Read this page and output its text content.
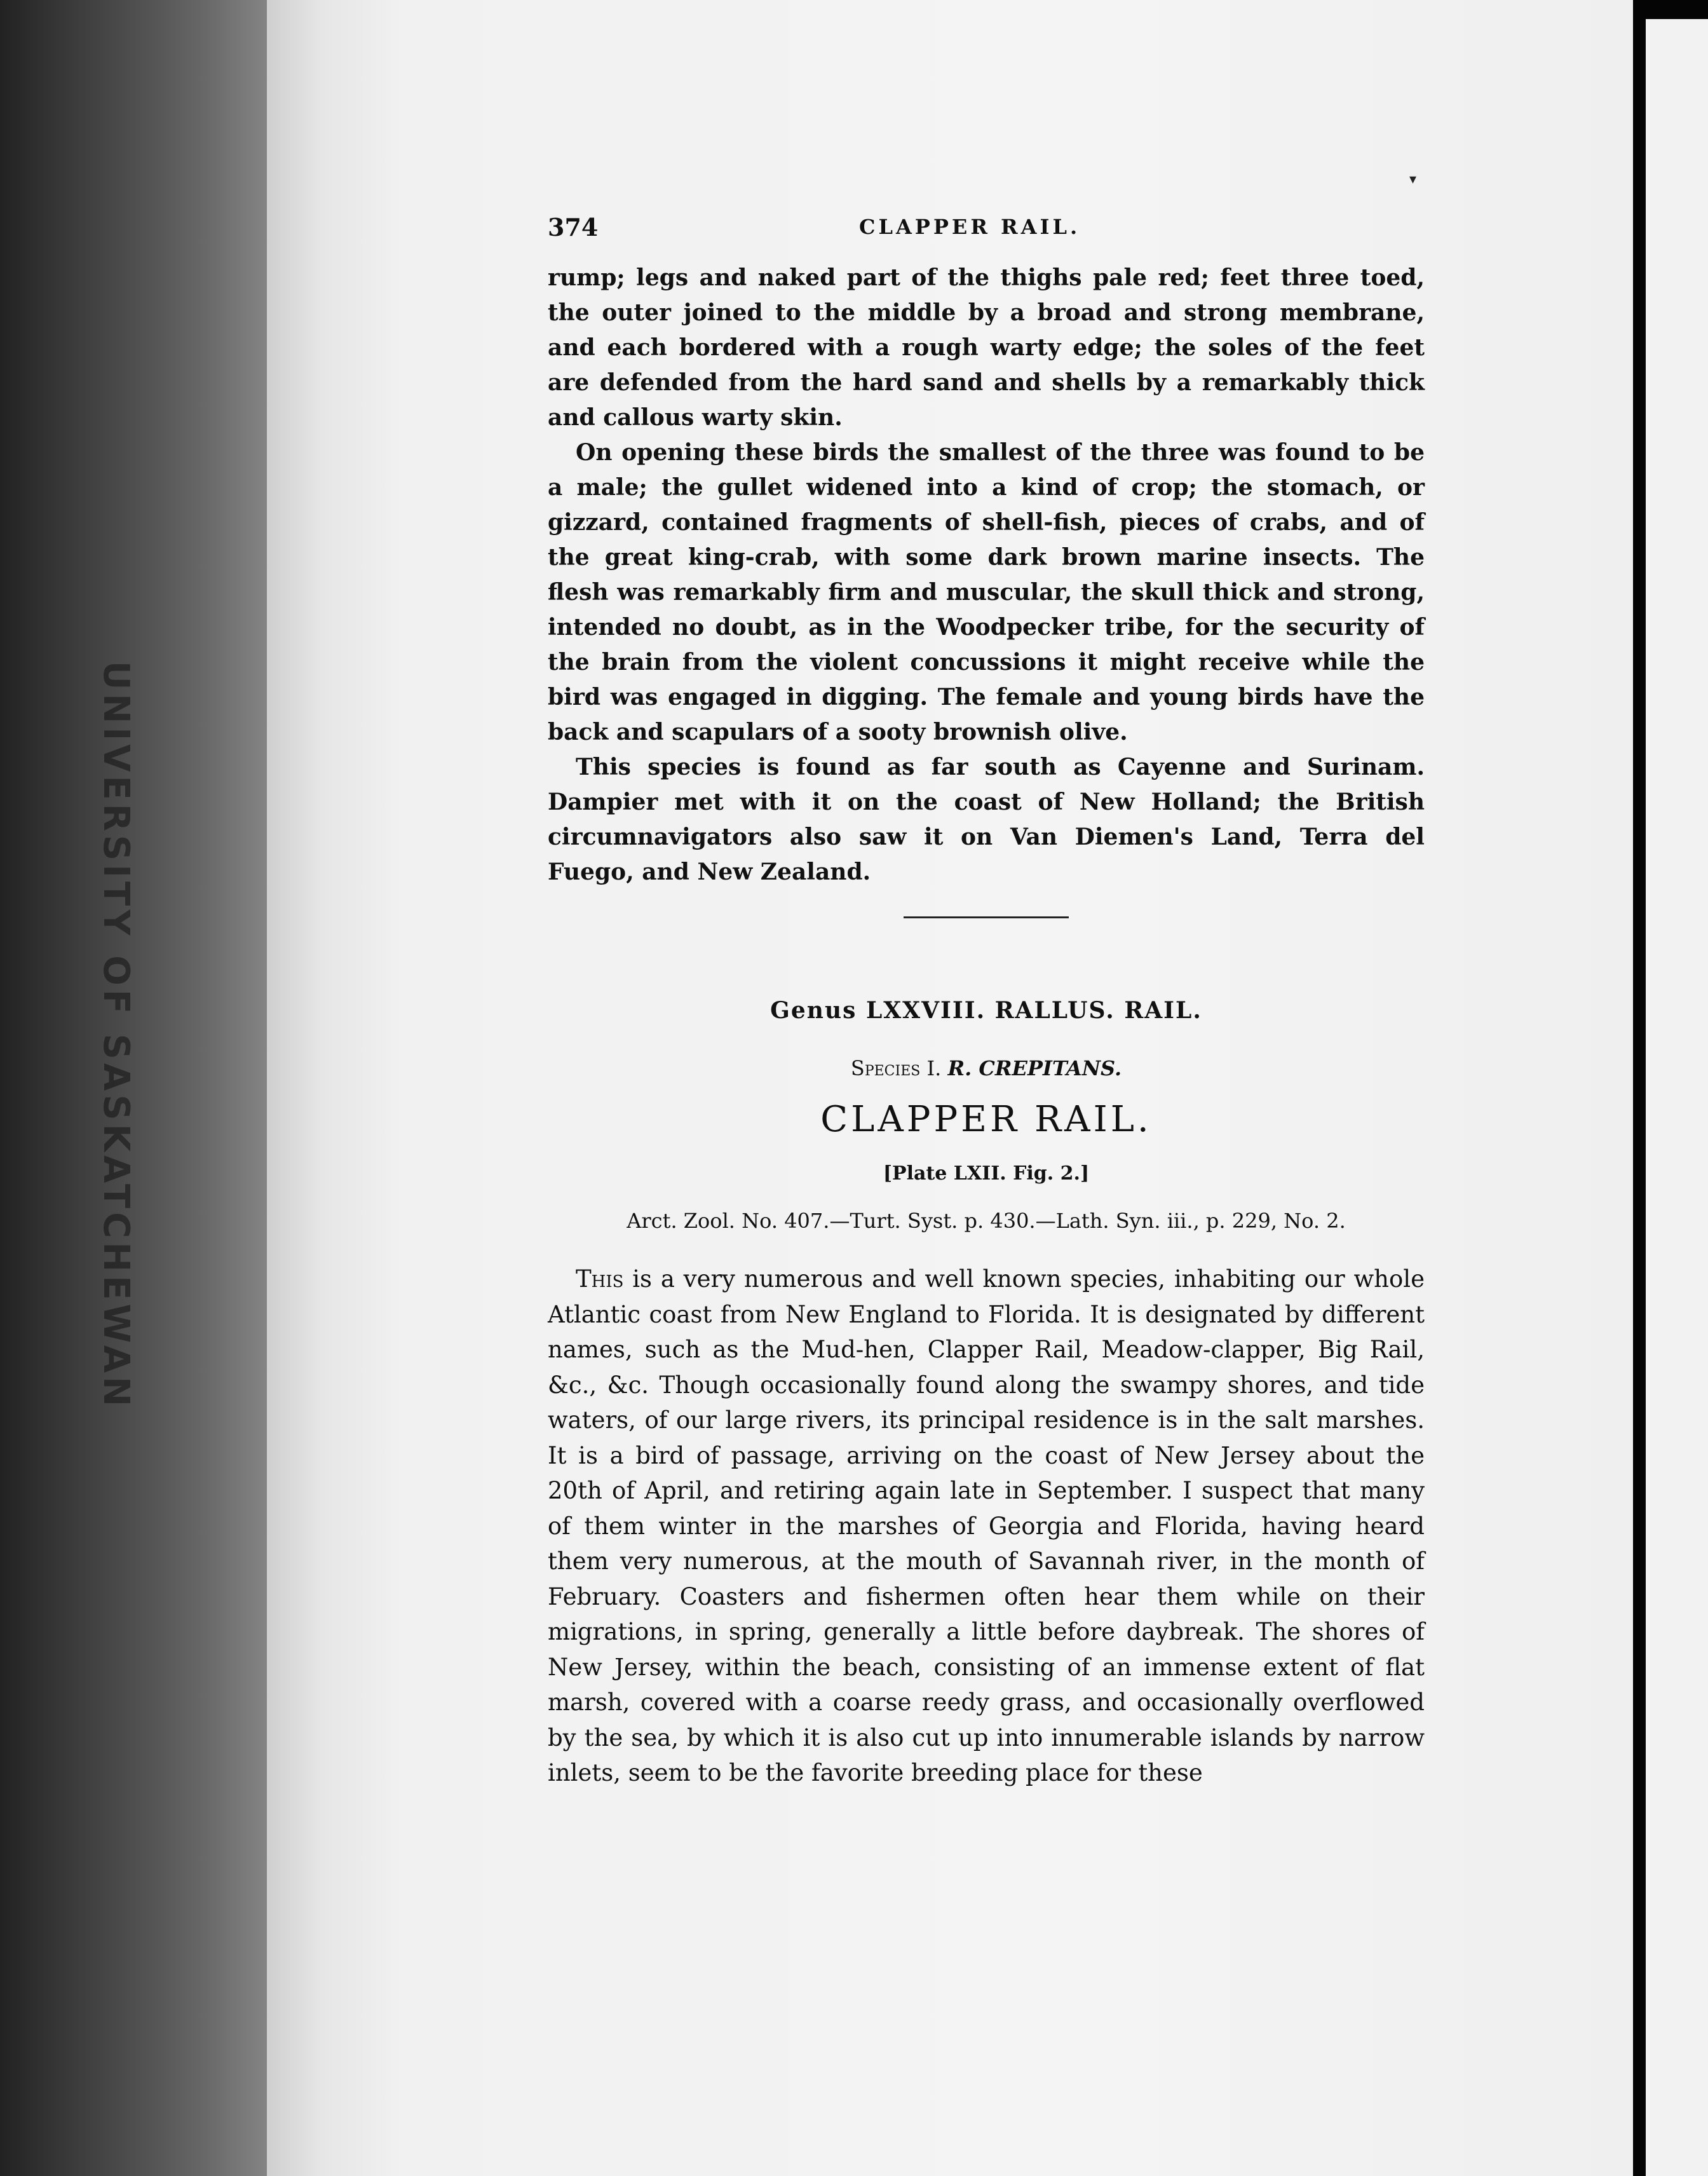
UNIVERSITY OF SASKATCHEWAN
▾
374	CLAPPER RAIL.

rump; legs and naked part of the thighs pale red; feet three toed, the outer joined to the middle by a broad and strong membrane, and each bordered with a rough warty edge; the soles of the feet are defended from the hard sand and shells by a remarkably thick and callous warty skin.

On opening these birds the smallest of the three was found to be a male; the gullet widened into a kind of crop; the stomach, or gizzard, contained fragments of shell-fish, pieces of crabs, and of the great king-crab, with some dark brown marine insects. The flesh was remarkably firm and muscular, the skull thick and strong, intended no doubt, as in the Woodpecker tribe, for the security of the brain from the violent concussions it might receive while the bird was engaged in digging. The female and young birds have the back and scapulars of a sooty brownish olive.

This species is found as far south as Cayenne and Surinam. Dampier met with it on the coast of New Holland; the British circumnavigators also saw it on Van Diemen's Land, Terra del Fuego, and New Zealand.

Genus LXXVIII. RALLUS. RAIL.
Species I. R. CREPITANS.
CLAPPER RAIL.
[Plate LXII. Fig. 2.]
Arct. Zool. No. 407.—Turt. Syst. p. 430.—Lath. Syn. iii., p. 229, No. 2.

This is a very numerous and well known species, inhabiting our whole Atlantic coast from New England to Florida. It is designated by different names, such as the Mud-hen, Clapper Rail, Meadow-clapper, Big Rail, &c., &c. Though occasionally found along the swampy shores, and tide waters, of our large rivers, its principal residence is in the salt marshes. It is a bird of passage, arriving on the coast of New Jersey about the 20th of April, and retiring again late in September. I suspect that many of them winter in the marshes of Georgia and Florida, having heard them very numerous, at the mouth of Savannah river, in the month of February. Coasters and fishermen often hear them while on their migrations, in spring, generally a little before daybreak. The shores of New Jersey, within the beach, consisting of an immense extent of flat marsh, covered with a coarse reedy grass, and occasionally overflowed by the sea, by which it is also cut up into innumerable islands by narrow inlets, seem to be the favorite breeding place for these
